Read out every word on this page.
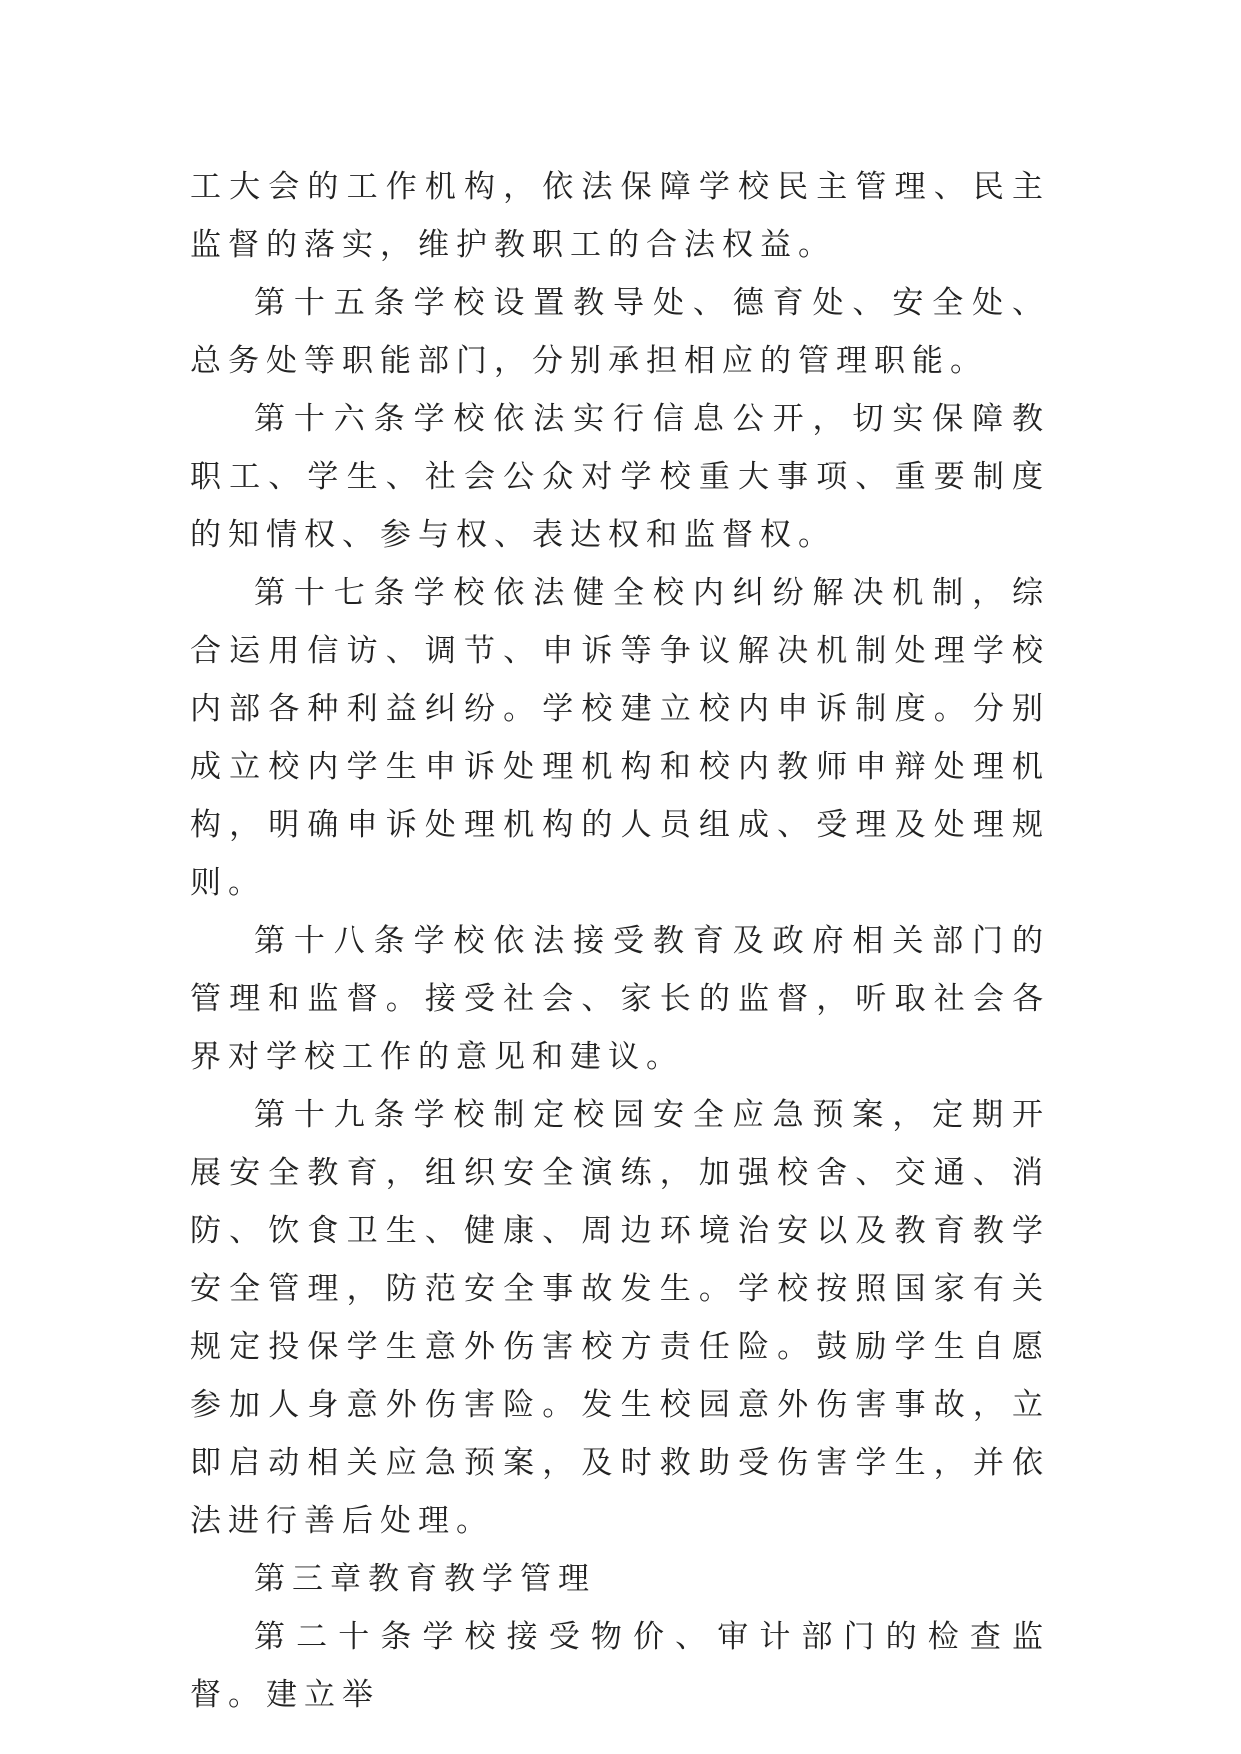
工大会的工作机构，依法保障学校民主管理、民主监督的落实，维护教职工的合法权益。

第十五条学校设置教导处、德育处、安全处、总务处等职能部门，分别承担相应的管理职能。

第十六条学校依法实行信息公开，切实保障教职工、学生、社会公众对学校重大事项、重要制度的知情权、参与权、表达权和监督权。

第十七条学校依法健全校内纠纷解决机制，综合运用信访、调节、申诉等争议解决机制处理学校内部各种利益纠纷。学校建立校内申诉制度。分别成立校内学生申诉处理机构和校内教师申辩处理机构，明确申诉处理机构的人员组成、受理及处理规则。

第十八条学校依法接受教育及政府相关部门的管理和监督。接受社会、家长的监督，听取社会各界对学校工作的意见和建议。

第十九条学校制定校园安全应急预案，定期开展安全教育，组织安全演练，加强校舍、交通、消防、饮食卫生、健康、周边环境治安以及教育教学安全管理，防范安全事故发生。学校按照国家有关规定投保学生意外伤害校方责任险。鼓励学生自愿参加人身意外伤害险。发生校园意外伤害事故，立即启动相关应急预案，及时救助受伤害学生，并依法进行善后处理。

第三章教育教学管理

第二十条学校接受物价、审计部门的检查监督。建立举
